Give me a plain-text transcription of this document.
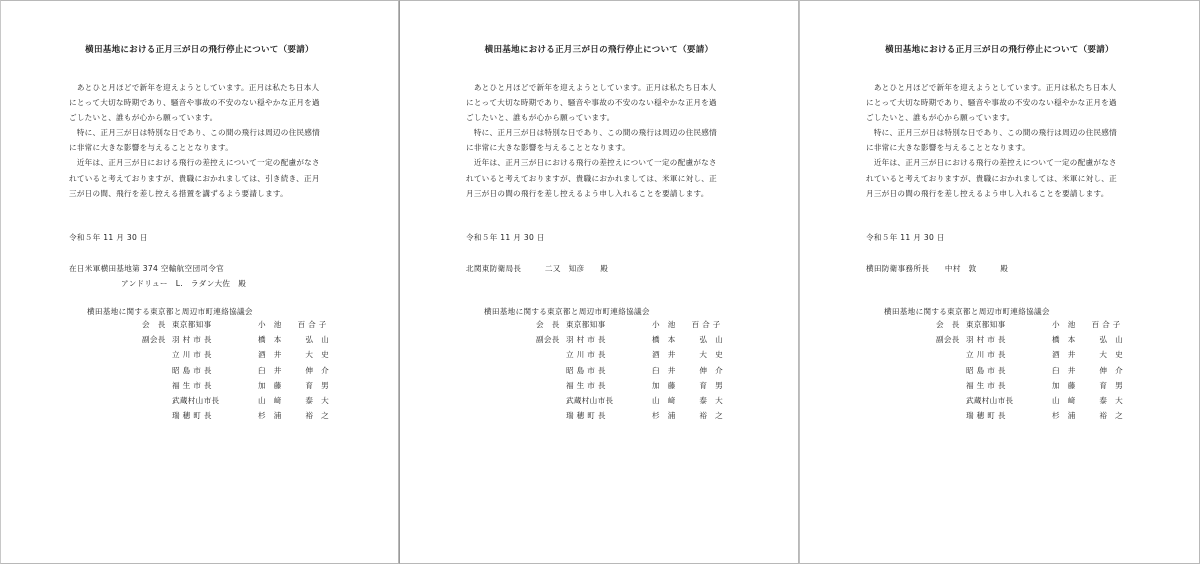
横田基地における正月三が日の飛行停止について（要請）

　あとひと月ほどで新年を迎えようとしています。正月は私たち日本人

にとって大切な時期であり、騒音や事故の不安のない穏やかな正月を過

ごしたいと、誰もが心から願っています。

　特に、正月三が日は特別な日であり、この間の飛行は周辺の住民感情

に非常に大きな影響を与えることとなります。

　近年は、正月三が日における飛行の差控えについて一定の配慮がなさ

れていると考えておりますが、貴職におかれましては、引き続き、正月

三が日の間、飛行を差し控える措置を講ずるよう要請します。

令和５年 11 月 30 日
在日米軍横田基地第 374 空輸航空団司令官
アンドリュー　L.　ラダン大佐　殿
横田基地に関する東京都と周辺市町連絡協議会
会　長 東京都知事	小　池　　百 合 子
副会長 羽 村 市 長	橋　本　　　弘　山
立 川 市 長	酒　井　　　大　史
昭 島 市 長	臼　井　　　伸　介
福 生 市 長	加　藤　　　育　男
武蔵村山市長	山　﨑　　　泰　大
瑞 穂 町 長	杉　浦　　　裕　之
横田基地における正月三が日の飛行停止について（要請）

　あとひと月ほどで新年を迎えようとしています。正月は私たち日本人

にとって大切な時期であり、騒音や事故の不安のない穏やかな正月を過

ごしたいと、誰もが心から願っています。

　特に、正月三が日は特別な日であり、この間の飛行は周辺の住民感情

に非常に大きな影響を与えることとなります。

　近年は、正月三が日における飛行の差控えについて一定の配慮がなさ

れていると考えておりますが、貴職におかれましては、米軍に対し、正

月三が日の間の飛行を差し控えるよう申し入れることを要請します。

令和５年 11 月 30 日
北関東防衛局長　　　二又　知彦　　殿
横田基地に関する東京都と周辺市町連絡協議会
会　長 東京都知事	小　池　　百 合 子
副会長 羽 村 市 長	橋　本　　　弘　山
立 川 市 長	酒　井　　　大　史
昭 島 市 長	臼　井　　　伸　介
福 生 市 長	加　藤　　　育　男
武蔵村山市長	山　﨑　　　泰　大
瑞 穂 町 長	杉　浦　　　裕　之
横田基地における正月三が日の飛行停止について（要請）

　あとひと月ほどで新年を迎えようとしています。正月は私たち日本人

にとって大切な時期であり、騒音や事故の不安のない穏やかな正月を過

ごしたいと、誰もが心から願っています。

　特に、正月三が日は特別な日であり、この間の飛行は周辺の住民感情

に非常に大きな影響を与えることとなります。

　近年は、正月三が日における飛行の差控えについて一定の配慮がなさ

れていると考えておりますが、貴職におかれましては、米軍に対し、正

月三が日の間の飛行を差し控えるよう申し入れることを要請します。

令和５年 11 月 30 日
横田防衛事務所長　　中村　敦　　　殿
横田基地に関する東京都と周辺市町連絡協議会
会　長 東京都知事	小　池　　百 合 子
副会長 羽 村 市 長	橋　本　　　弘　山
立 川 市 長	酒　井　　　大　史
昭 島 市 長	臼　井　　　伸　介
福 生 市 長	加　藤　　　育　男
武蔵村山市長	山　﨑　　　泰　大
瑞 穂 町 長	杉　浦　　　裕　之
